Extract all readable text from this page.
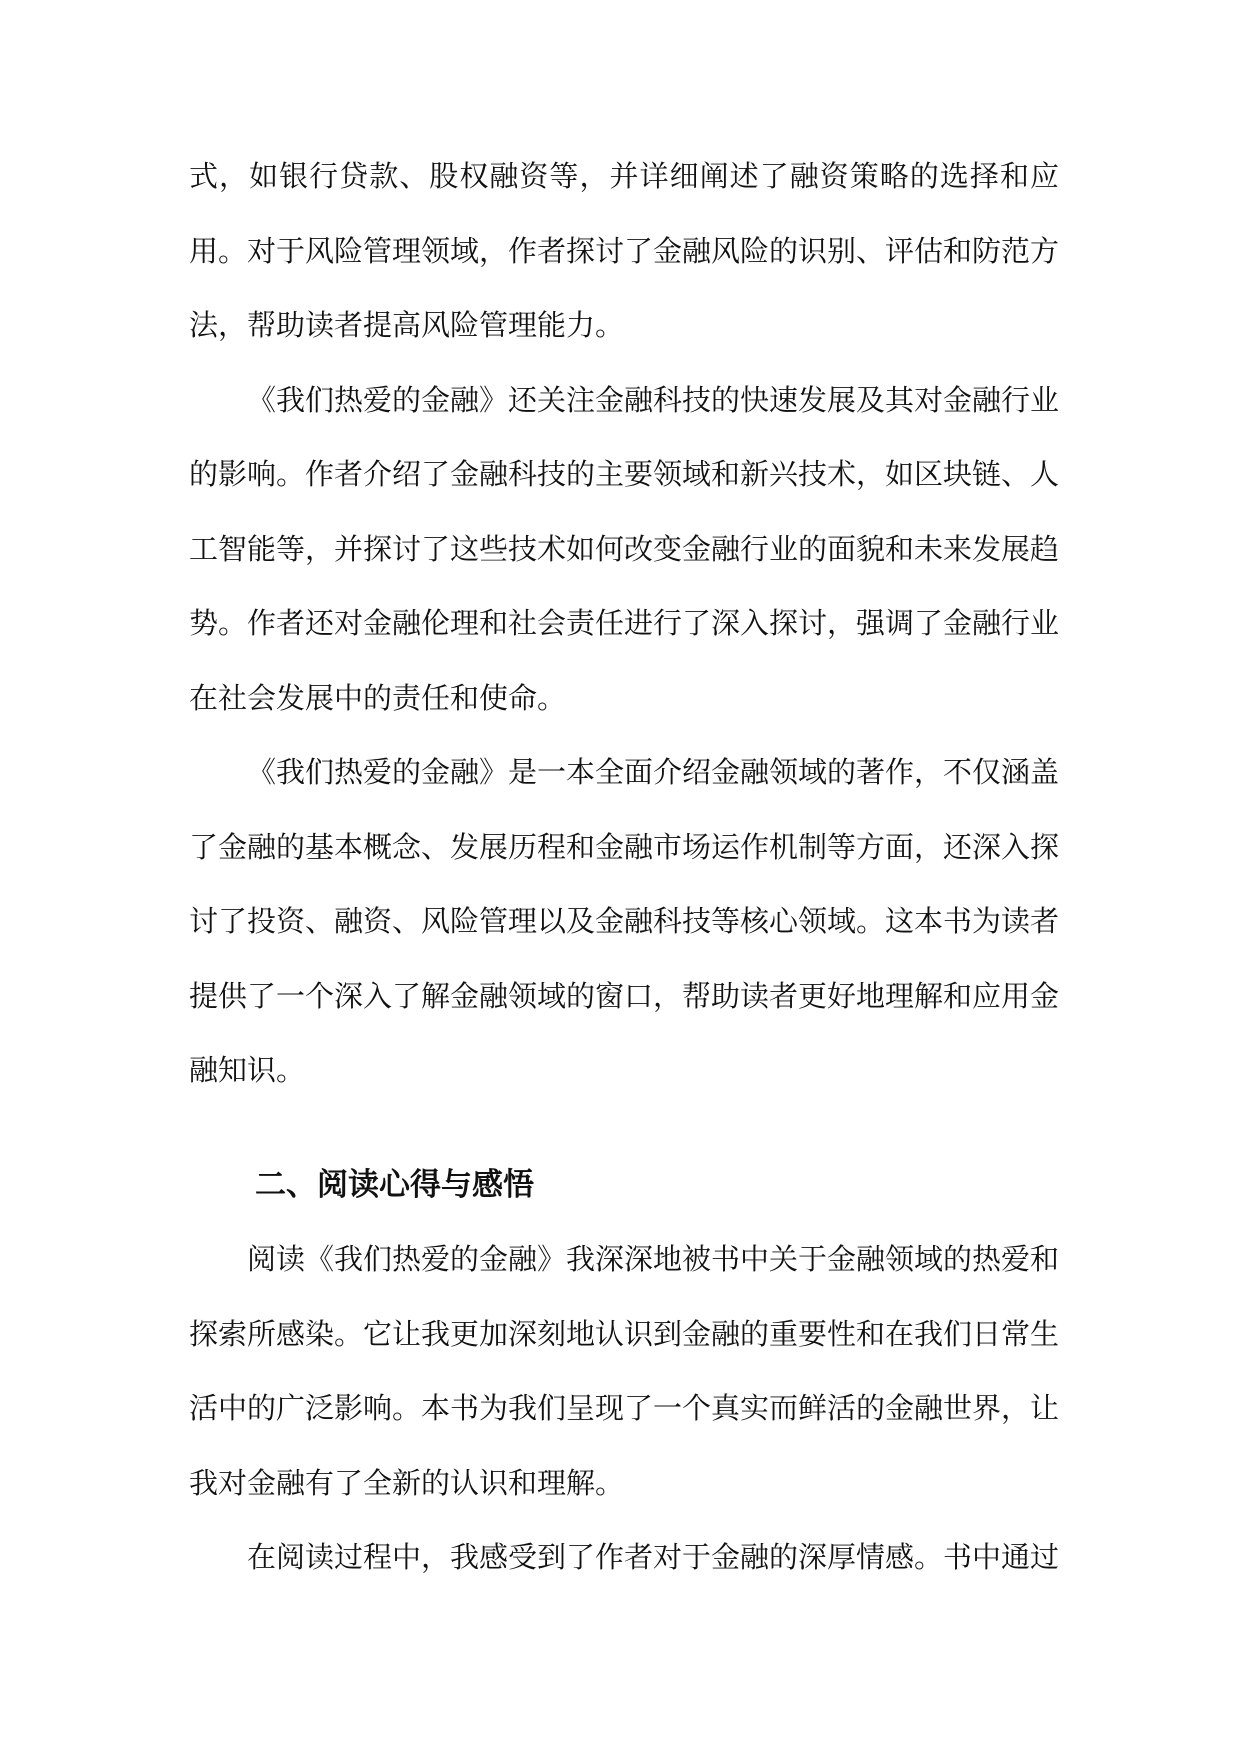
式，如银行贷款、股权融资等，并详细阐述了融资策略的选择和应用。对于风险管理领域，作者探讨了金融风险的识别、评估和防范方法，帮助读者提高风险管理能力。

《我们热爱的金融》还关注金融科技的快速发展及其对金融行业的影响。作者介绍了金融科技的主要领域和新兴技术，如区块链、人工智能等，并探讨了这些技术如何改变金融行业的面貌和未来发展趋势。作者还对金融伦理和社会责任进行了深入探讨，强调了金融行业在社会发展中的责任和使命。

《我们热爱的金融》是一本全面介绍金融领域的著作，不仅涵盖了金融的基本概念、发展历程和金融市场运作机制等方面，还深入探讨了投资、融资、风险管理以及金融科技等核心领域。这本书为读者提供了一个深入了解金融领域的窗口，帮助读者更好地理解和应用金融知识。

二、阅读心得与感悟

阅读《我们热爱的金融》我深深地被书中关于金融领域的热爱和探索所感染。它让我更加深刻地认识到金融的重要性和在我们日常生活中的广泛影响。本书为我们呈现了一个真实而鲜活的金融世界，让我对金融有了全新的认识和理解。

在阅读过程中，我感受到了作者对于金融的深厚情感。书中通过
